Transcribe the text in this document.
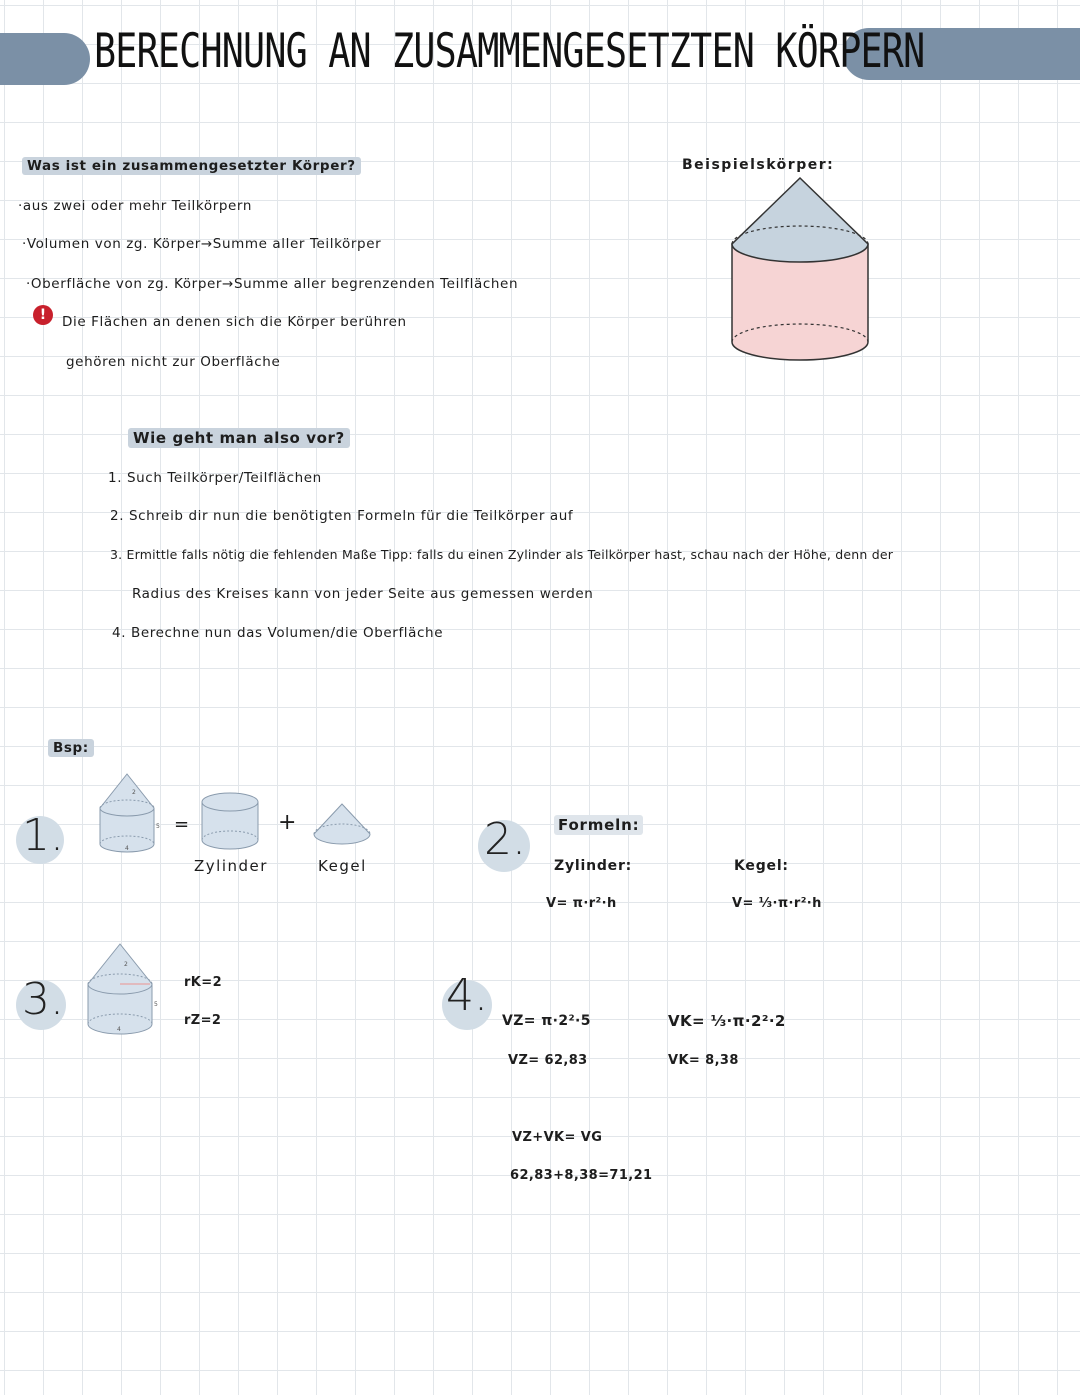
BERECHNUNG AN ZUSAMMENGESETZTEN KÖRPERN
Was ist ein zusammengesetzter Körper?
·aus zwei oder mehr Teilkörpern
·Volumen von zg. Körper→Summe aller Teilkörper
·Oberfläche von zg. Körper→Summe aller begrenzenden Teilflächen
!	Die Flächen an denen sich die Körper berühren
gehören nicht zur Oberfläche
Beispielskörper:
Wie geht man also vor?
1. Such Teilkörper/Teilflächen
2. Schreib dir nun die benötigten Formeln für die Teilkörper auf
3. Ermittle falls nötig die fehlenden Maße Tipp: falls du einen Zylinder als Teilkörper hast, schau nach der Höhe, denn der
Radius des Kreises kann von jeder Seite aus gemessen werden
4. Berechne nun das Volumen/die Oberfläche
Bsp:
1.
2
5
4
=	+
Zylinder	Kegel
2. Formeln:
Zylinder:
V= π·r²·h
Kegel:
V= ⅓·π·r²·h
3.
2
5
4
rK=2
rZ=2	4. VZ= π·2²·5
VZ= 62,83
VK= ⅓·π·2²·2
VK= 8,38
VZ+VK= VG
62,83+8,38=71,21
